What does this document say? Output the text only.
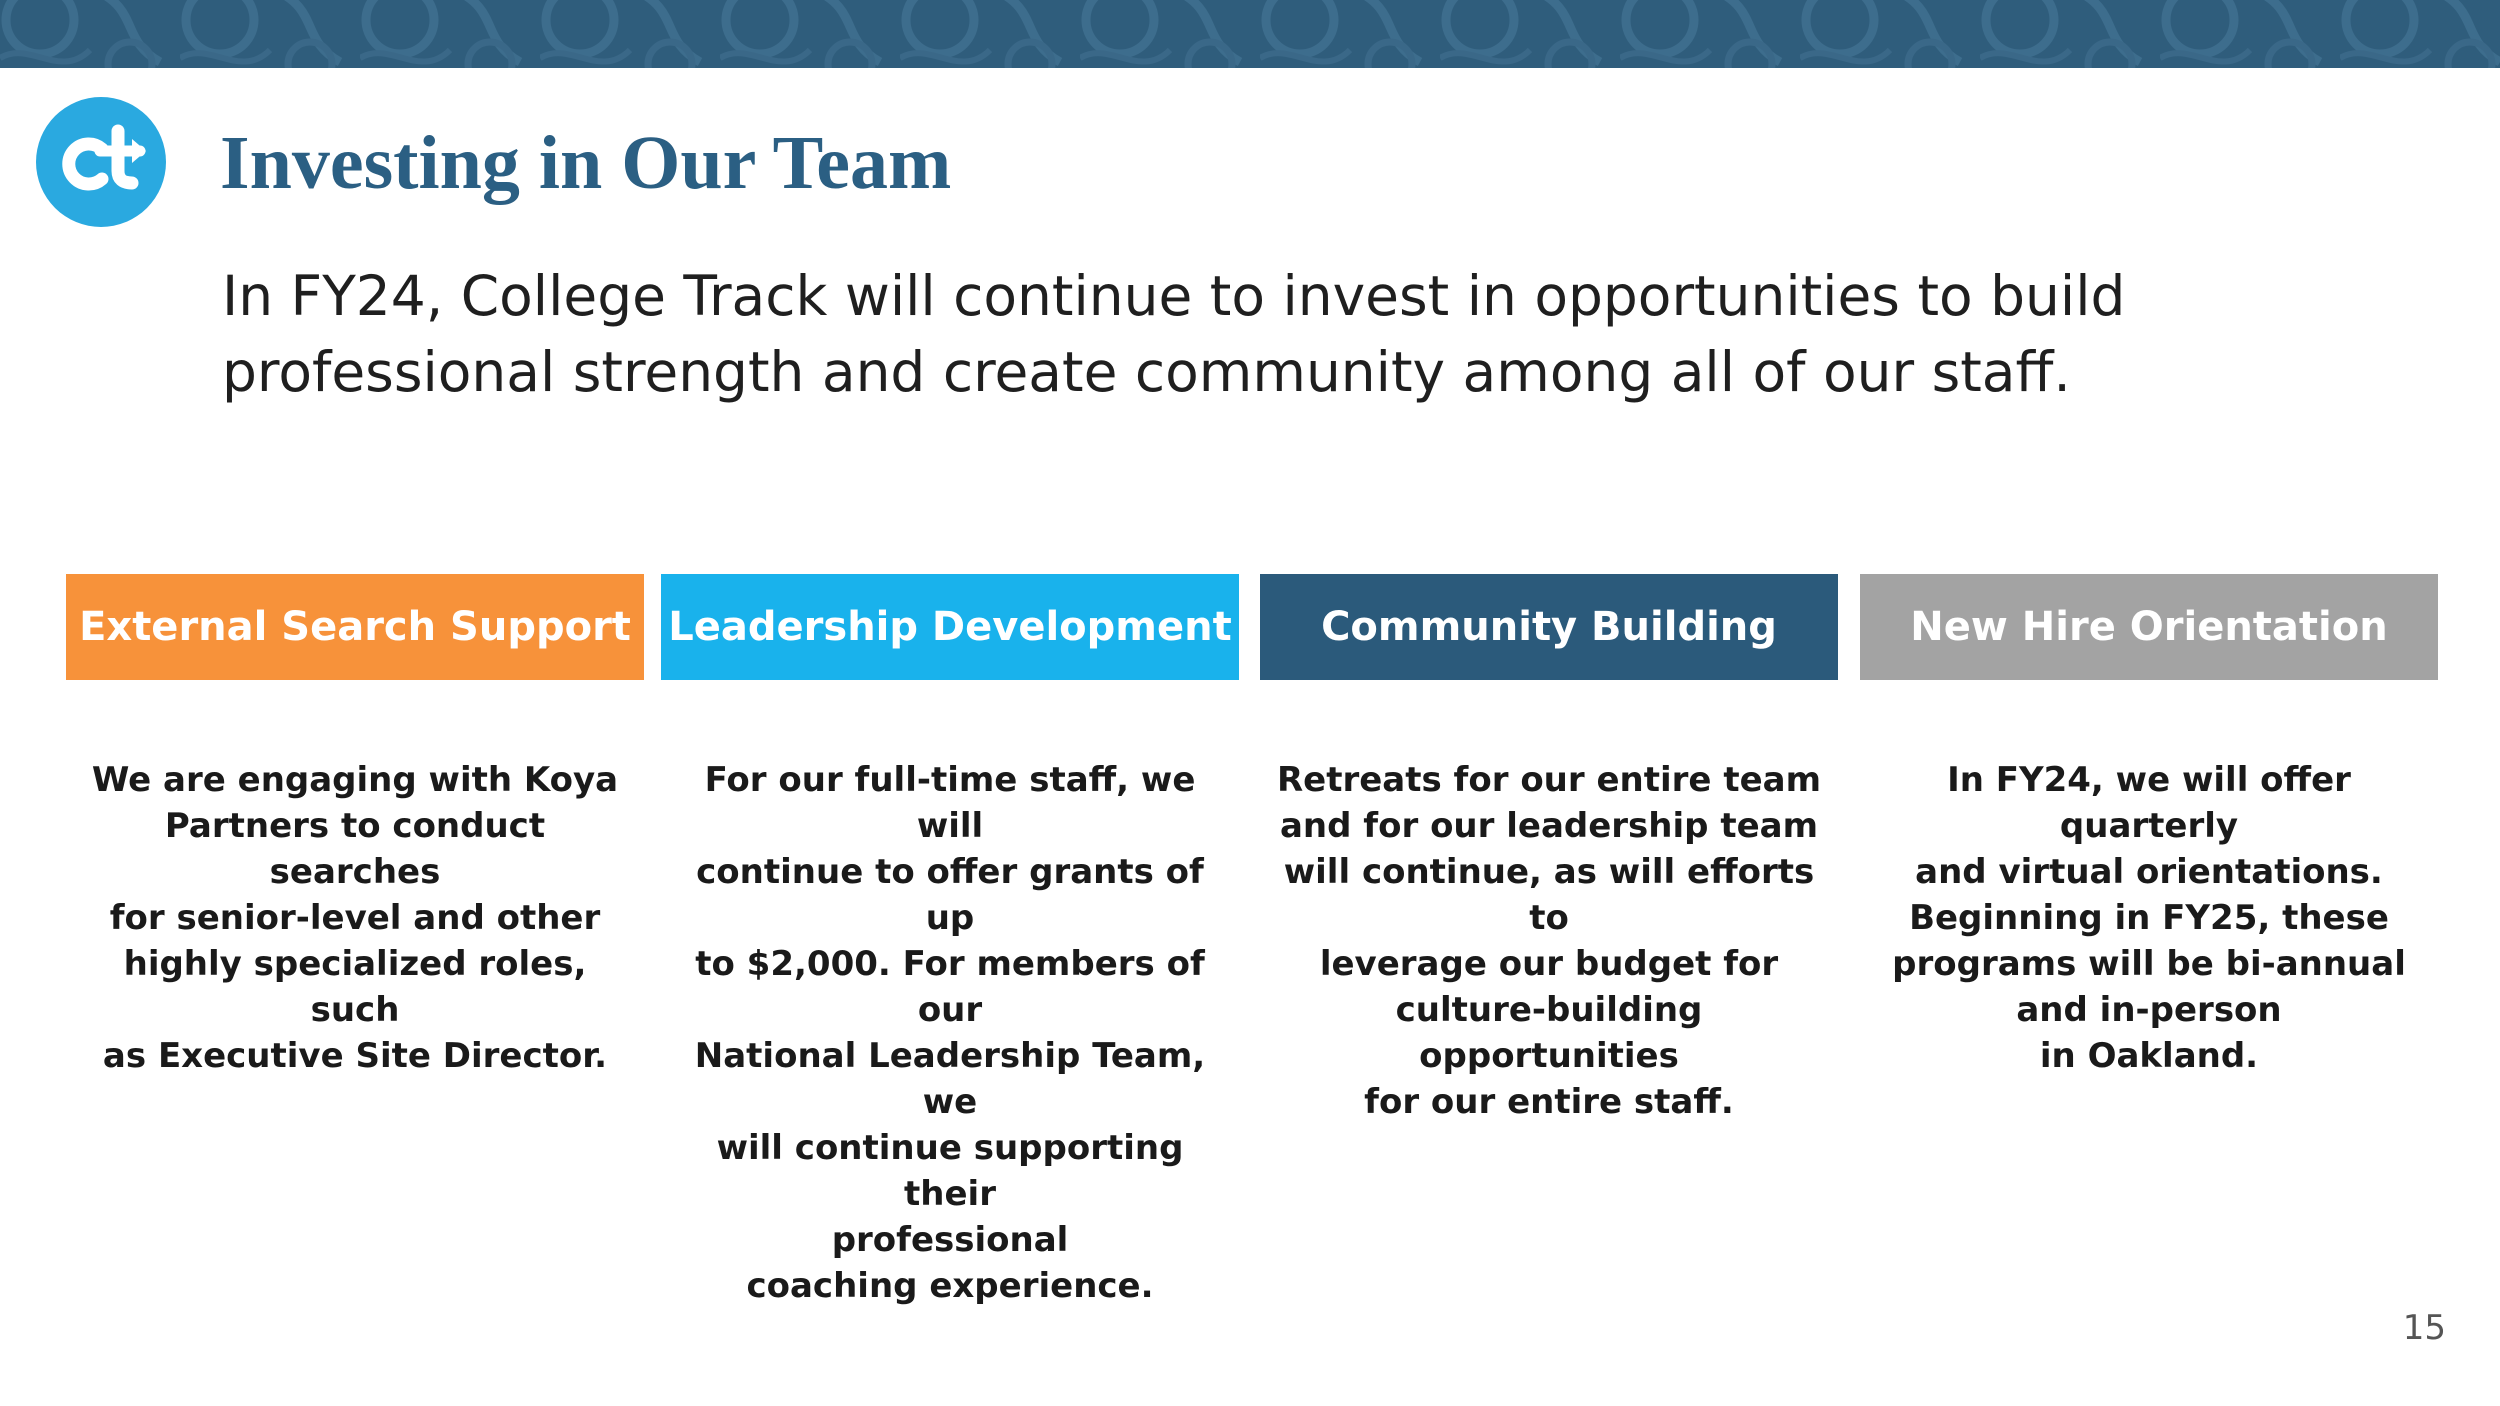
Investing in Our Team

In FY24, College Track will continue to invest in opportunities to build
professional strength and create community among all of our staff.

External Search Support

We are engaging with Koya
Partners to conduct searches
for senior-level and other
highly specialized roles, such
as Executive Site Director.

Leadership Development

For our full-time staff, we will
continue to offer grants of up
to $2,000. For members of our
National Leadership Team, we
will continue supporting their
professional
coaching experience.

Community Building

Retreats for our entire team
and for our leadership team
will continue, as will efforts to
leverage our budget for
culture-building opportunities
for our entire staff.

New Hire Orientation

In FY24, we will offer quarterly
and virtual orientations.
Beginning in FY25, these
programs will be bi-annual
and in-person
in Oakland.

15
